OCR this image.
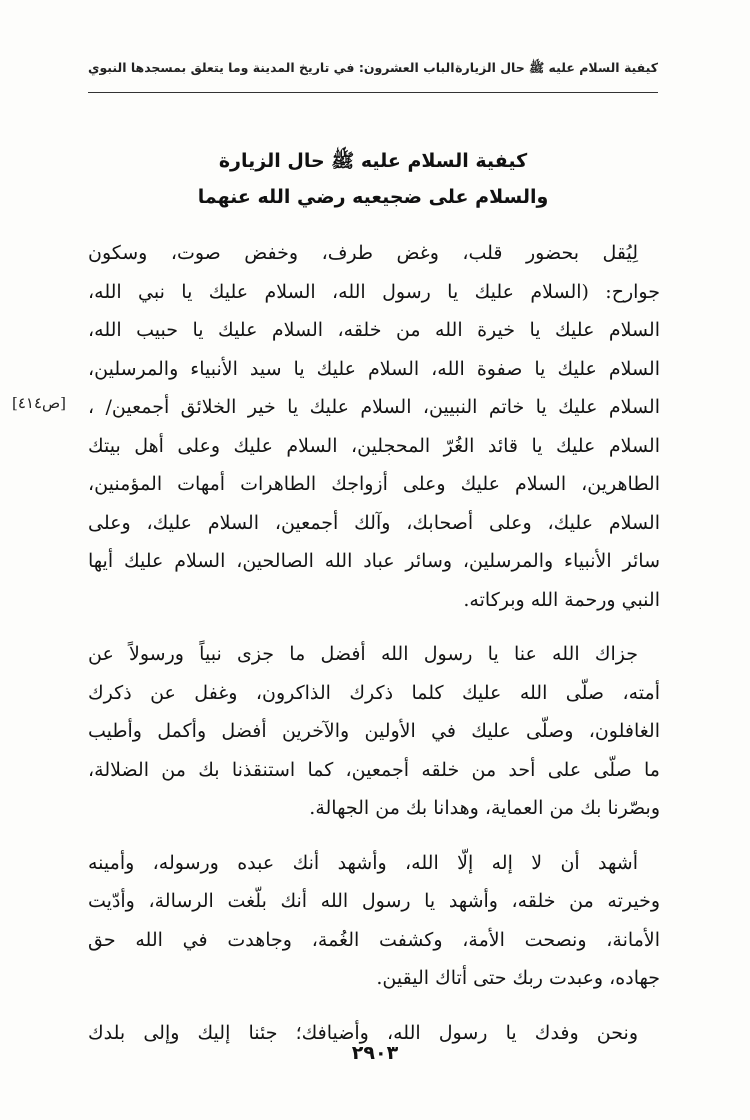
كيفية السلام عليه ﷺ حال الزيارة
الباب العشرون: في تاريخ المدينة وما يتعلق بمسجدها النبوي
كيفية السلام عليه ﷺ حال الزيارة
والسلام على ضجيعيه رضي الله عنهما
[ص٤١٤]

لِيُقل بحضور قلب، وغض طرف، وخفض صوت، وسكون
جوارح: (السلام عليك يا رسول الله، السلام عليك يا نبي الله،
السلام عليك يا خيرة الله من خلقه، السلام عليك يا حبيب الله،
السلام عليك يا صفوة الله، السلام عليك يا سيد الأنبياء والمرسلين،
السلام عليك يا خاتم النبيين، السلام عليك يا خير الخلائق أجمعين/ ،
السلام عليك يا قائد الغُرّ المحجلين، السلام عليك وعلى أهل بيتك
الطاهرين، السلام عليك وعلى أزواجك الطاهرات أمهات المؤمنين،
السلام عليك، وعلى أصحابك، وآلك أجمعين، السلام عليك، وعلى
سائر الأنبياء والمرسلين، وسائر عباد الله الصالحين، السلام عليك أيها
النبي ورحمة الله وبركاته.

جزاك الله عنا يا رسول الله أفضل ما جزى نبياً ورسولاً عن
أمته، صلّى الله عليك كلما ذكرك الذاكرون، وغفل عن ذكرك
الغافلون، وصلّى عليك في الأولين والآخرين أفضل وأكمل وأطيب
ما صلّى على أحد من خلقه أجمعين، كما استنقذنا بك من الضلالة،
وبصّرنا بك من العماية، وهدانا بك من الجهالة.

أشهد أن لا إله إلّا الله، وأشهد أنك عبده ورسوله، وأمينه
وخيرته من خلقه، وأشهد يا رسول الله أنك بلّغت الرسالة، وأدّيت
الأمانة، ونصحت الأمة، وكشفت الغُمة، وجاهدت في الله حق
جهاده، وعبدت ربك حتى أتاك اليقين.

ونحن وفدك يا رسول الله، وأضيافك؛ جئنا إليك وإلى بلدك

٢٩٠٣
